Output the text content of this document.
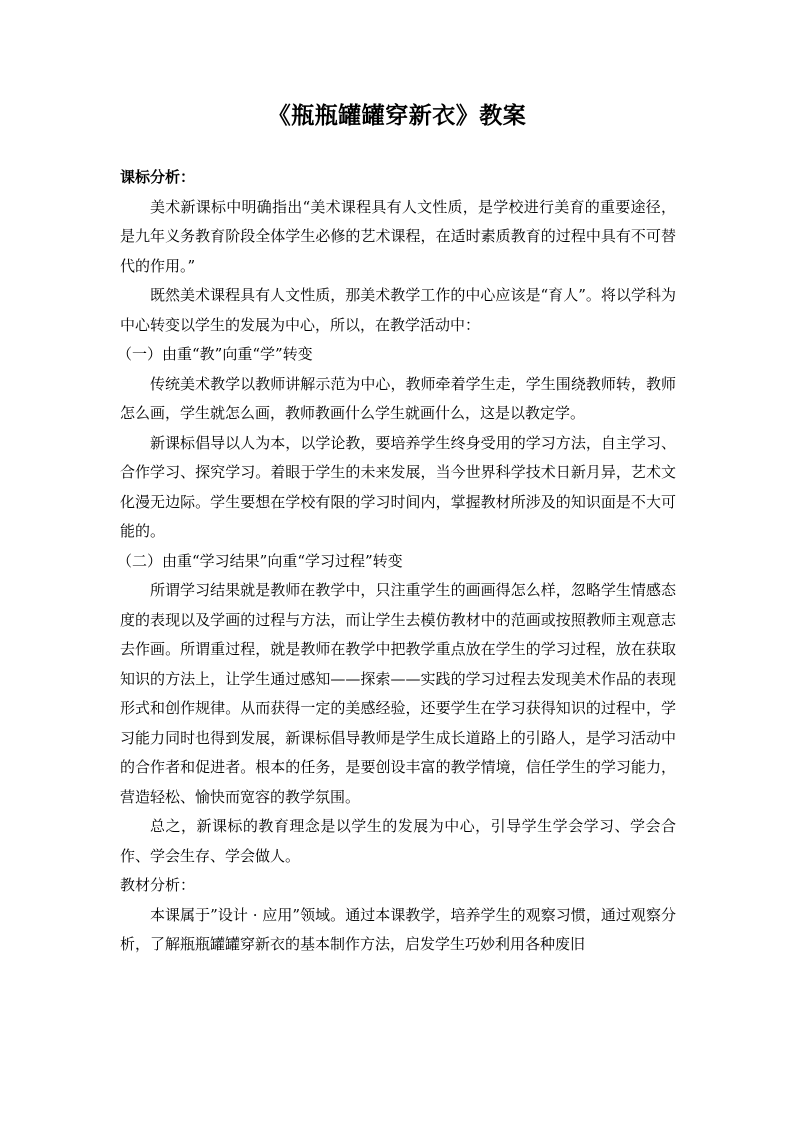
《瓶瓶罐罐穿新衣》教案

课标分析：

美术新课标中明确指出“美术课程具有人文性质，是学校进行美育的重要途径，是九年义务教育阶段全体学生必修的艺术课程，在适时素质教育的过程中具有不可替代的作用。”

既然美术课程具有人文性质，那美术教学工作的中心应该是“育人”。将以学科为中心转变以学生的发展为中心，所以，在教学活动中：

（一）由重“教”向重“学”转变

传统美术教学以教师讲解示范为中心，教师牵着学生走，学生围绕教师转，教师怎么画，学生就怎么画，教师教画什么学生就画什么，这是以教定学。

新课标倡导以人为本，以学论教，要培养学生终身受用的学习方法，自主学习、合作学习、探究学习。着眼于学生的未来发展，当今世界科学技术日新月异，艺术文化漫无边际。学生要想在学校有限的学习时间内，掌握教材所涉及的知识面是不大可能的。

（二）由重“学习结果”向重“学习过程”转变

所谓学习结果就是教师在教学中，只注重学生的画画得怎么样，忽略学生情感态度的表现以及学画的过程与方法，而让学生去模仿教材中的范画或按照教师主观意志去作画。所谓重过程，就是教师在教学中把教学重点放在学生的学习过程，放在获取知识的方法上，让学生通过感知——探索——实践的学习过程去发现美术作品的表现形式和创作规律。从而获得一定的美感经验，还要学生在学习获得知识的过程中，学习能力同时也得到发展，新课标倡导教师是学生成长道路上的引路人，是学习活动中的合作者和促进者。根本的任务，是要创设丰富的教学情境，信任学生的学习能力，营造轻松、愉快而宽容的教学氛围。

总之，新课标的教育理念是以学生的发展为中心，引导学生学会学习、学会合作、学会生存、学会做人。

教材分析：

本课属于”设计 · 应用”领域。通过本课教学，培养学生的观察习惯，通过观察分析，了解瓶瓶罐罐穿新衣的基本制作方法，启发学生巧妙利用各种废旧
